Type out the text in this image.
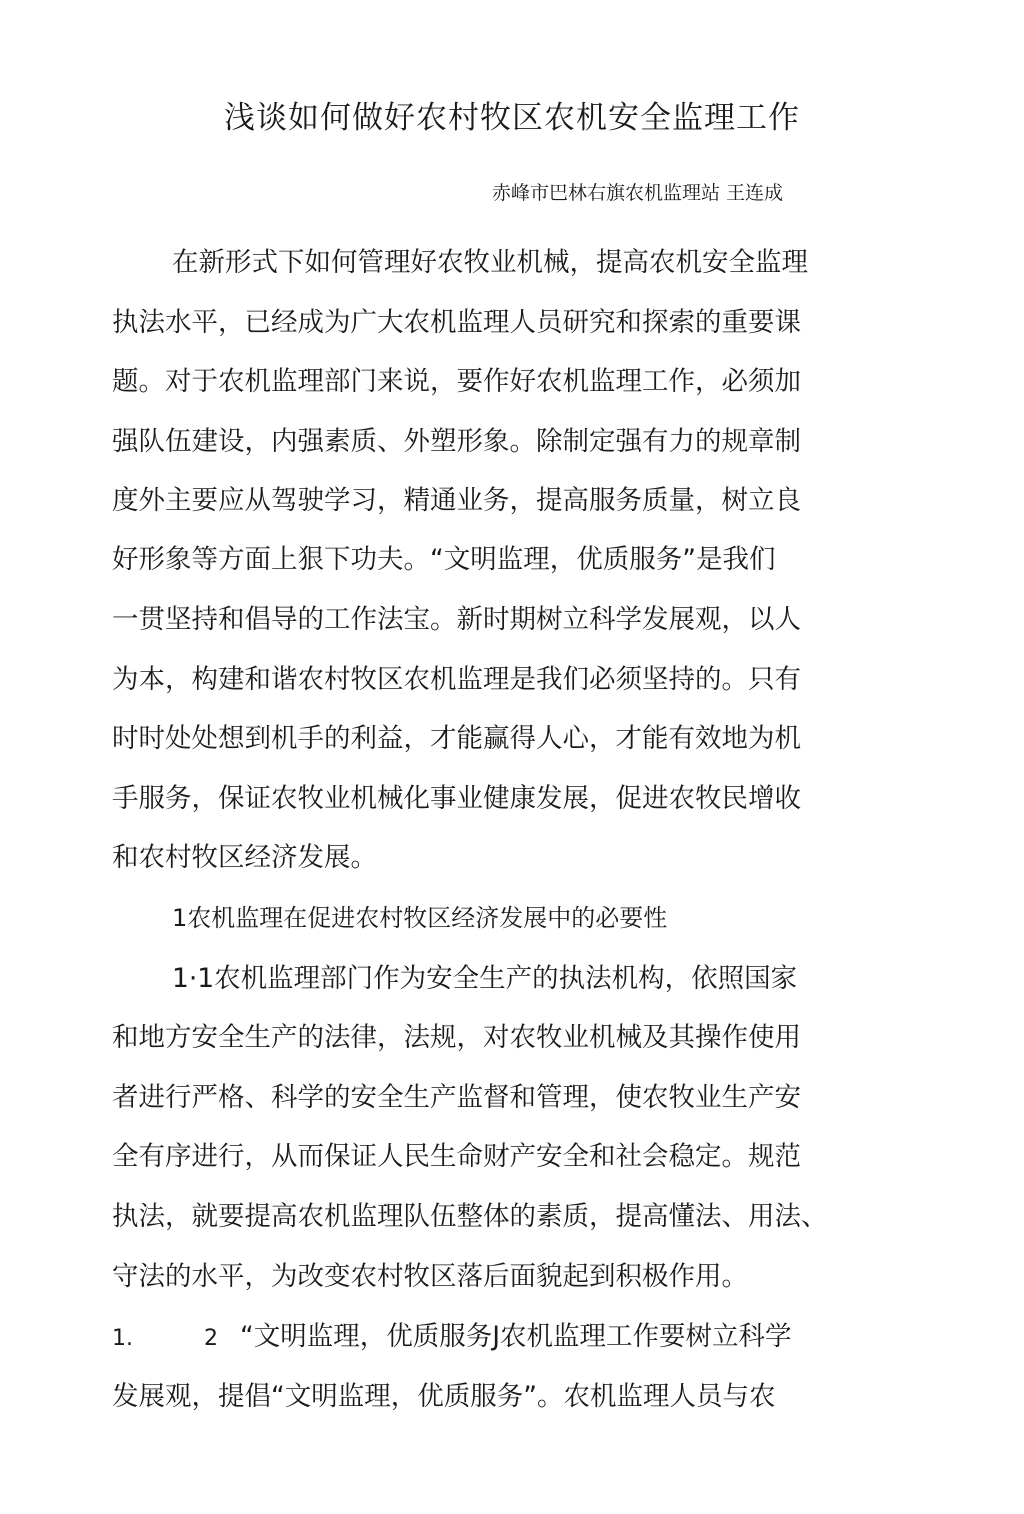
浅谈如何做好农村牧区农机安全监理工作
赤峰市巴林右旗农机监理站 王连成
在新形式下如何管理好农牧业机械，提高农机安全监理
执法水平，已经成为广大农机监理人员研究和探索的重要课
题。对于农机监理部门来说，要作好农机监理工作，必须加
强队伍建设，内强素质、外塑形象。除制定强有力的规章制
度外主要应从驾驶学习，精通业务，提高服务质量，树立良
好形象等方面上狠下功夫。“文明监理，优质服务”是我们
一贯坚持和倡导的工作法宝。新时期树立科学发展观，以人
为本，构建和谐农村牧区农机监理是我们必须坚持的。只有
时时处处想到机手的利益，才能赢得人心，才能有效地为机
手服务，保证农牧业机械化事业健康发展，促进农牧民增收
和农村牧区经济发展。
1农机监理在促进农村牧区经济发展中的必要性
1·1农机监理部门作为安全生产的执法机构，依照国家
和地方安全生产的法律，法规，对农牧业机械及其操作使用
者进行严格、科学的安全生产监督和管理，使农牧业生产安
全有序进行，从而保证人民生命财产安全和社会稳定。规范
执法，就要提高农机监理队伍整体的素质，提高懂法、用法、
守法的水平，为改变农村牧区落后面貌起到积极作用。
1.	2 “文明监理，优质服务J农机监理工作要树立科学
发展观，提倡“文明监理，优质服务”。农机监理人员与农
